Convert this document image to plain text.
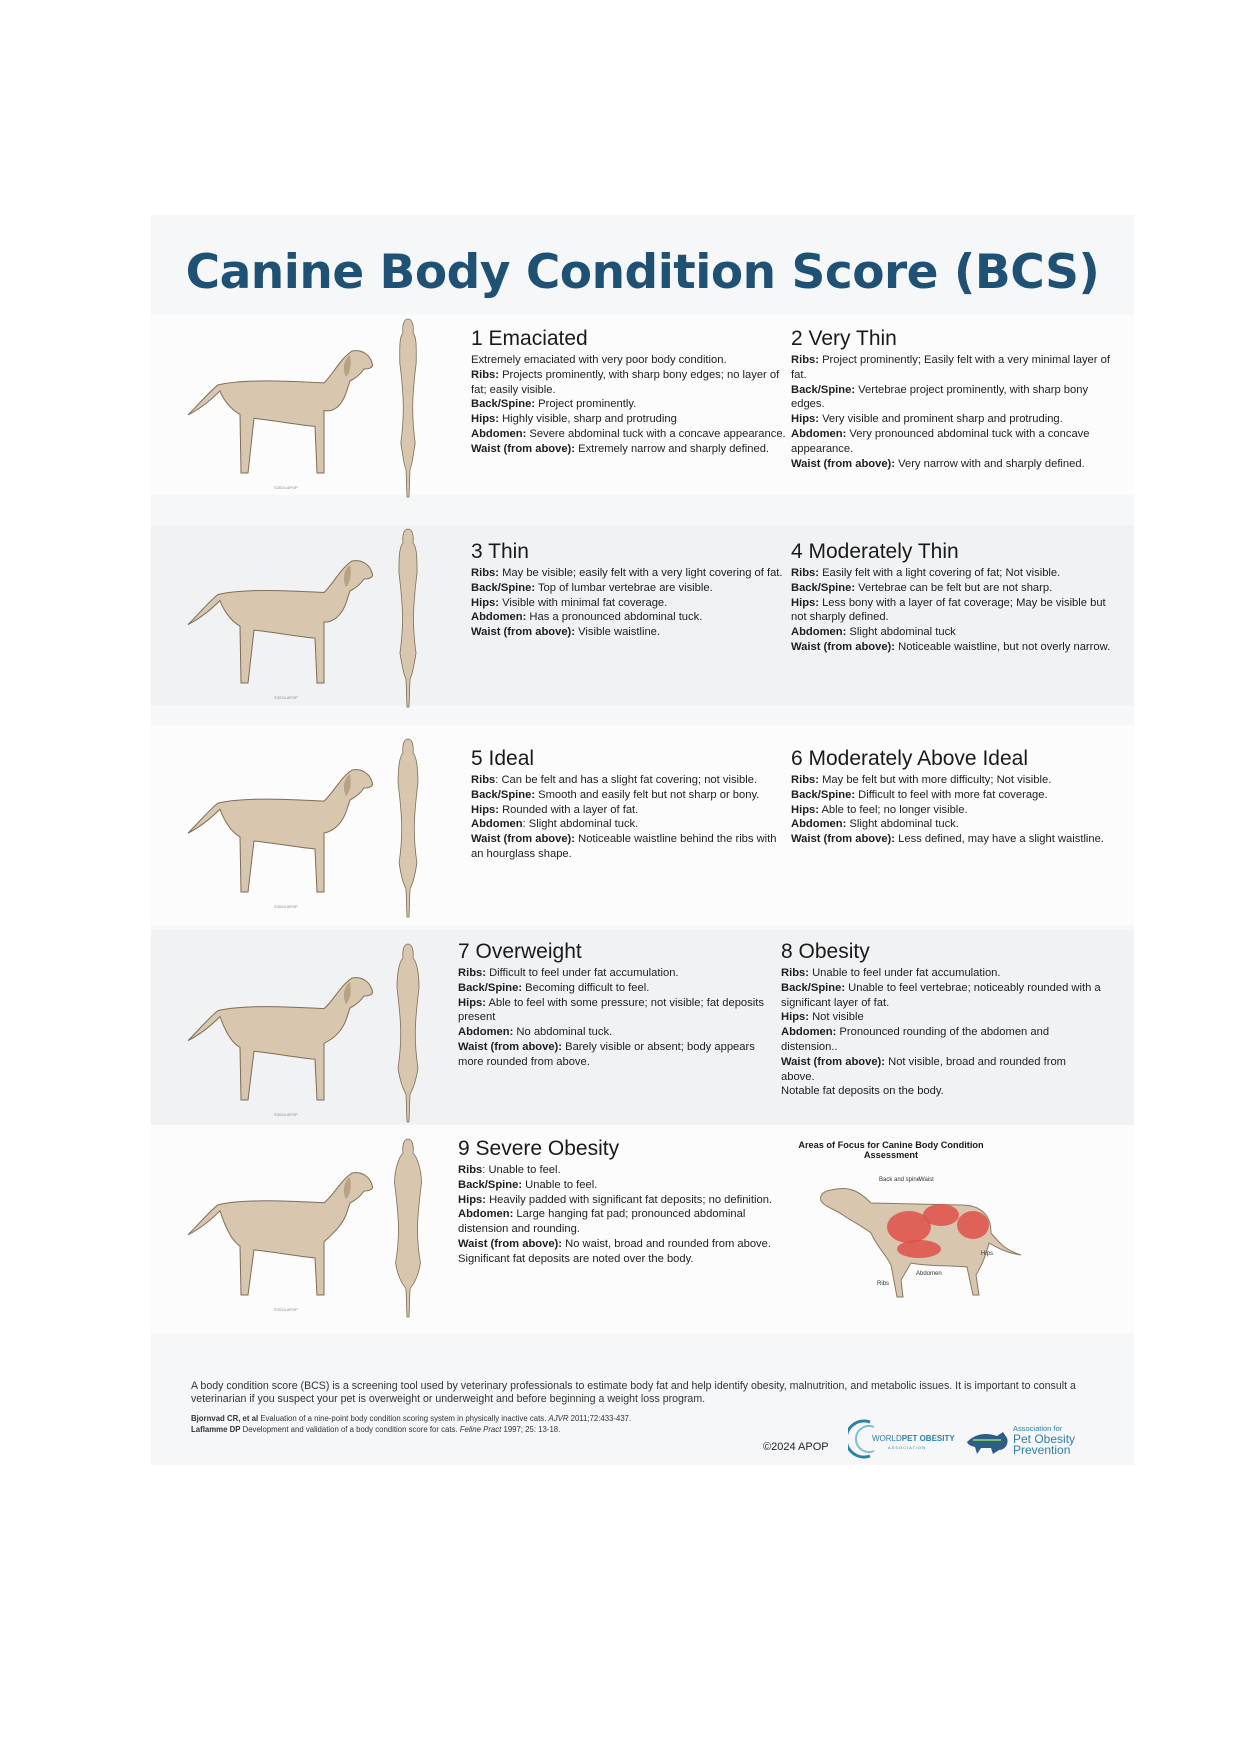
Canine Body Condition Score (BCS)
©2024 APOP
1 Emaciated

Extremely emaciated with very poor body condition.
Ribs: Projects prominently, with sharp bony edges; no layer of fat; easily visible.
Back/Spine: Project prominently.
Hips: Highly visible, sharp and protruding
Abdomen: Severe abdominal tuck with a concave appearance.
Waist (from above): Extremely narrow and sharply defined.

2 Very Thin

Ribs: Project prominently; Easily felt with a very minimal layer of fat.
Back/Spine: Vertebrae project prominently, with sharp bony edges.
Hips: Very visible and prominent sharp and protruding.
Abdomen: Very pronounced abdominal tuck with a concave appearance.
Waist (from above): Very narrow with and sharply defined.

©2024 APOP
3 Thin

Ribs: May be visible; easily felt with a very light covering of fat.
Back/Spine: Top of lumbar vertebrae are visible.
Hips: Visible with minimal fat coverage.
Abdomen: Has a pronounced abdominal tuck.
Waist (from above): Visible waistline.

4 Moderately Thin

Ribs: Easily felt with a light covering of fat; Not visible.
Back/Spine: Vertebrae can be felt but are not sharp.
Hips: Less bony with a layer of fat coverage; May be visible but not sharply defined.
Abdomen: Slight abdominal tuck
Waist (from above): Noticeable waistline, but not overly narrow.

©2024 APOP
5 Ideal

Ribs: Can be felt and has a slight fat covering; not visible.
Back/Spine: Smooth and easily felt but not sharp or bony.
Hips: Rounded with a layer of fat.
Abdomen: Slight abdominal tuck.
Waist (from above): Noticeable waistline behind the ribs with an hourglass shape.

6 Moderately Above Ideal

Ribs: May be felt but with more difficulty; Not visible.
Back/Spine: Difficult to feel with more fat coverage.
Hips: Able to feel; no longer visible.
Abdomen: Slight abdominal tuck.
Waist (from above): Less defined, may have a slight waistline.

©2024 APOP
7 Overweight

Ribs: Difficult to feel under fat accumulation.
Back/Spine: Becoming difficult to feel.
Hips: Able to feel with some pressure; not visible; fat deposits present
Abdomen: No abdominal tuck.
Waist (from above): Barely visible or absent; body appears more rounded from above.

8 Obesity

Ribs: Unable to feel under fat accumulation.
Back/Spine: Unable to feel vertebrae; noticeably rounded with a significant layer of fat.
Hips: Not visible
Abdomen: Pronounced rounding of the abdomen and distension..
Waist (from above): Not visible, broad and rounded from above.
Notable fat deposits on the body.

©2024 APOP
9 Severe Obesity

Ribs: Unable to feel.
Back/Spine: Unable to feel.
Hips: Heavily padded with significant fat deposits; no definition.
Abdomen: Large hanging fat pad; pronounced abdominal distension and rounding.
Waist (from above): No waist, broad and rounded from above.
Significant fat deposits are noted over the body.

Areas of Focus for Canine Body Condition Assessment
Back and spine
Waist
Hips
Ribs
Abdomen
A body condition score (BCS) is a screening tool used by veterinary professionals to estimate body fat and help identify obesity, malnutrition, and metabolic issues. It is important to consult a veterinarian if you suspect your pet is overweight or underweight and before beginning a weight loss program.
Bjornvad CR, et al Evaluation of a nine-point body condition scoring system in physically inactive cats. AJVR 2011;72:433-437.
Laflamme DP Development and validation of a body condition score for cats. Feline Pract 1997; 25: 13-18.
©2024 APOP
WORLDPET OBESITY
ASSOCIATION
Association for
Pet Obesity
Prevention
